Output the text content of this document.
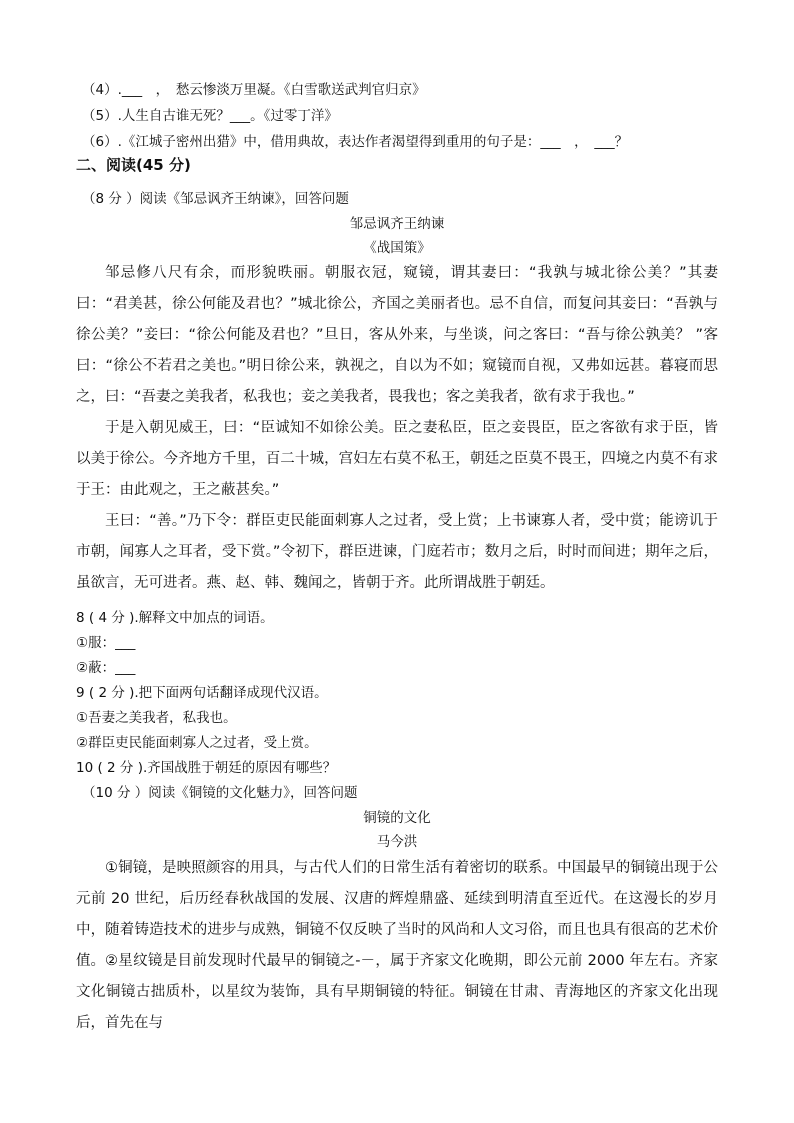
（4）.___　，　愁云惨淡万里凝。《白雪歌送武判官归京》
（5）.人生自古谁无死？___。《过零丁洋》
（6）.《江城子密州出猎》中，借用典故，表达作者渴望得到重用的句子是：___　，　___？
二、阅读(45 分)
（8 分 ）阅读《邹忌讽齐王纳谏》，回答问题
邹忌讽齐王纳谏
《战国策》
邹忌修八尺有余，而形貌昳丽。朝服衣冠，窥镜，谓其妻曰：“我孰与城北徐公美？”其妻曰：“君美甚，徐公何能及君也？”城北徐公，齐国之美丽者也。忌不自信，而复问其妾曰：“吾孰与徐公美？”妾曰：“徐公何能及君也？”旦日，客从外来，与坐谈，问之客曰：“吾与徐公孰美？ ”客曰：“徐公不若君之美也。”明日徐公来，孰视之，自以为不如；窥镜而自视，又弗如远甚。暮寝而思之，曰：“吾妻之美我者，私我也；妾之美我者，畏我也；客之美我者，欲有求于我也。”
于是入朝见威王，曰：“臣诚知不如徐公美。臣之妻私臣，臣之妾畏臣，臣之客欲有求于臣，皆以美于徐公。今齐地方千里，百二十城，宫妇左右莫不私王，朝廷之臣莫不畏王，四境之内莫不有求于王：由此观之，王之蔽甚矣。”
王曰：“善。”乃下令：群臣吏民能面刺寡人之过者，受上赏；上书谏寡人者，受中赏；能谤讥于市朝，闻寡人之耳者，受下赏。”令初下，群臣进谏，门庭若市；数月之后，时时而间进；期年之后，虽欲言，无可进者。燕、赵、韩、魏闻之，皆朝于齐。此所谓战胜于朝廷。
8 ( 4 分 ).解释文中加点的词语。
①服：___
②蔽：___
9 ( 2 分 ).把下面两句话翻译成现代汉语。
①吾妻之美我者，私我也。
②群臣吏民能面刺寡人之过者，受上赏。
10 ( 2 分 ).齐国战胜于朝廷的原因有哪些？
（10 分 ）阅读《铜镜的文化魅力》，回答问题
铜镜的文化
马今洪
①铜镜，是映照颜容的用具，与古代人们的日常生活有着密切的联系。中国最早的铜镜出现于公元前 20 世纪，后历经春秋战国的发展、汉唐的辉煌鼎盛、延续到明清直至近代。在这漫长的岁月中，随着铸造技术的进步与成熟，铜镜不仅反映了当时的风尚和人文习俗，而且也具有很高的艺术价值。 ②星纹镜是目前发现时代最早的铜镜之-－，属于齐家文化晚期，即公元前 2000 年左右。齐家文化铜镜古拙质朴，以星纹为装饰，具有早期铜镜的特征。铜镜在甘肃、青海地区的齐家文化出现后，首先在与
